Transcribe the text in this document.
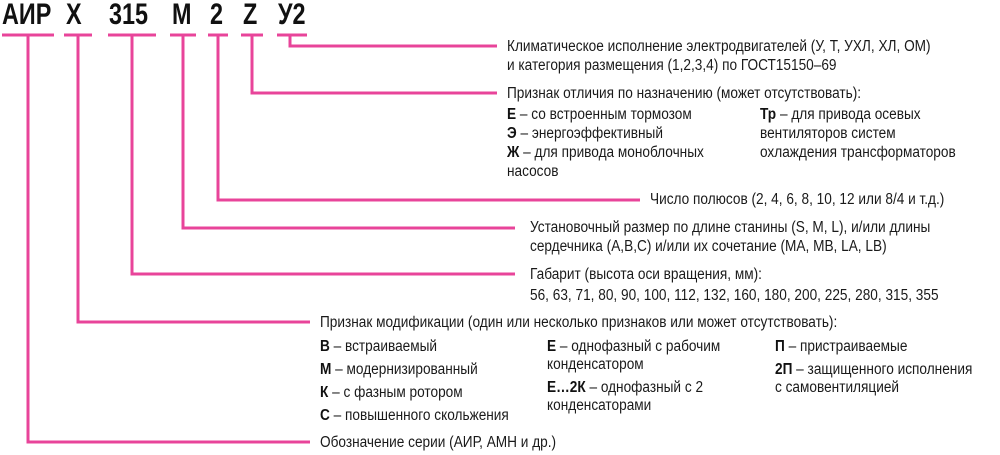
АИР X 315 M 2 Z У2
Климатическое исполнение электродвигателей (У, Т, УХЛ, ХЛ, ОМ)
и категория размещения (1,2,3,4) по ГОСТ15150–69
Признак отличия по назначению (может отсутствовать):
Е – со встроенным тормозом
Э – энергоэффективный
Ж – для привода моноблочных
насосов
Тр – для привода осевых
вентиляторов систем
охлаждения трансформаторов
Число полюсов (2, 4, 6, 8, 10, 12 или 8/4 и т.д.)
Установочный размер по длине станины (S, M, L), и/или длины
сердечника (A,B,C) и/или их сочетание (MA, MB, LA, LB)
Габарит (высота оси вращения, мм):
56, 63, 71, 80, 90, 100, 112, 132, 160, 180, 200, 225, 280, 315, 355
Признак модификации (один или несколько признаков или может отсутствовать):
В – встраиваемый
М – модернизированный
К – с фазным ротором
С – повышенного скольжения
Е – однофазный с рабочим
конденсатором
Е…2К – однофазный с 2
конденсаторами
П – пристраиваемые
2П – защищенного исполнения
с самовентиляцией
Обозначение серии (АИР, АМН и др.)
